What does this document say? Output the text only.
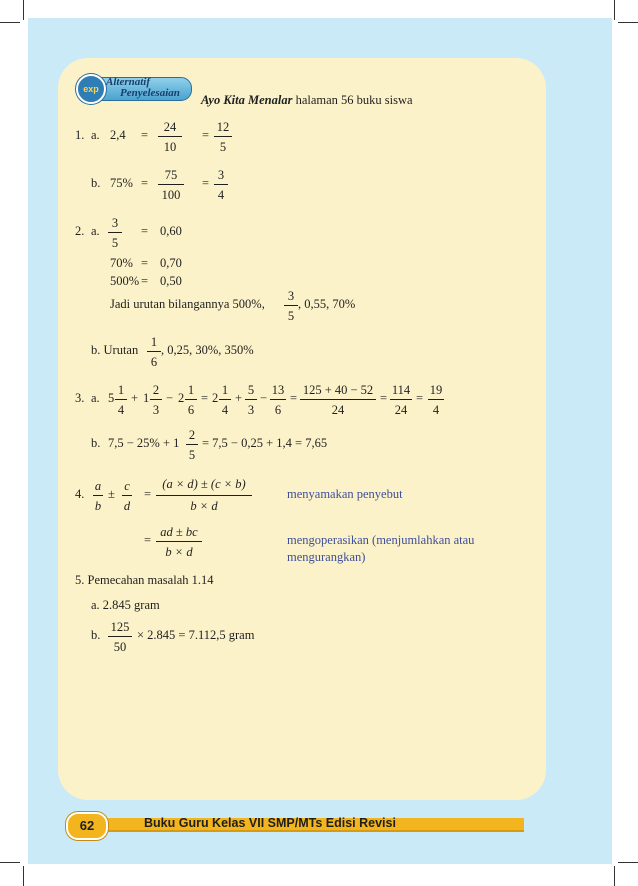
exp
Alternatif
Penyelesaian Ayo Kita Menalar halaman 56 buku siswa
1. a. 2,4 =
24
10
=
12
5
b. 75% =
75
100
=
3
4
2. a.
3
5
= 0,60
70% = 0,70
500% = 0,50
Jadi urutan bilangannya 500%,
3
5
, 0,55, 70%
b. Urutan
1
6
, 0,25, 30%, 350%
3. a. 5
1
4
+ 1
2
3
− 2
1
6
= 2
1
4
+
5
3
−
13
6
=
125 + 40 − 52
24
=
114
24
=
19
4
b. 7,5 − 25% + 1
2
5
= 7,5 − 0,25 + 1,4 = 7,65
4.
a
b
±
c
d
=
(a × d) ± (c × b)
b × d
menyamakan penyebut
=
ad ± bc
b × d
mengoperasikan (menjumlahkan atau
mengurangkan)
5. Pemecahan masalah 1.14
a. 2.845 gram
b.
125
50
× 2.845 = 7.112,5 gram
62	Buku Guru Kelas VII SMP/MTs Edisi Revisi
